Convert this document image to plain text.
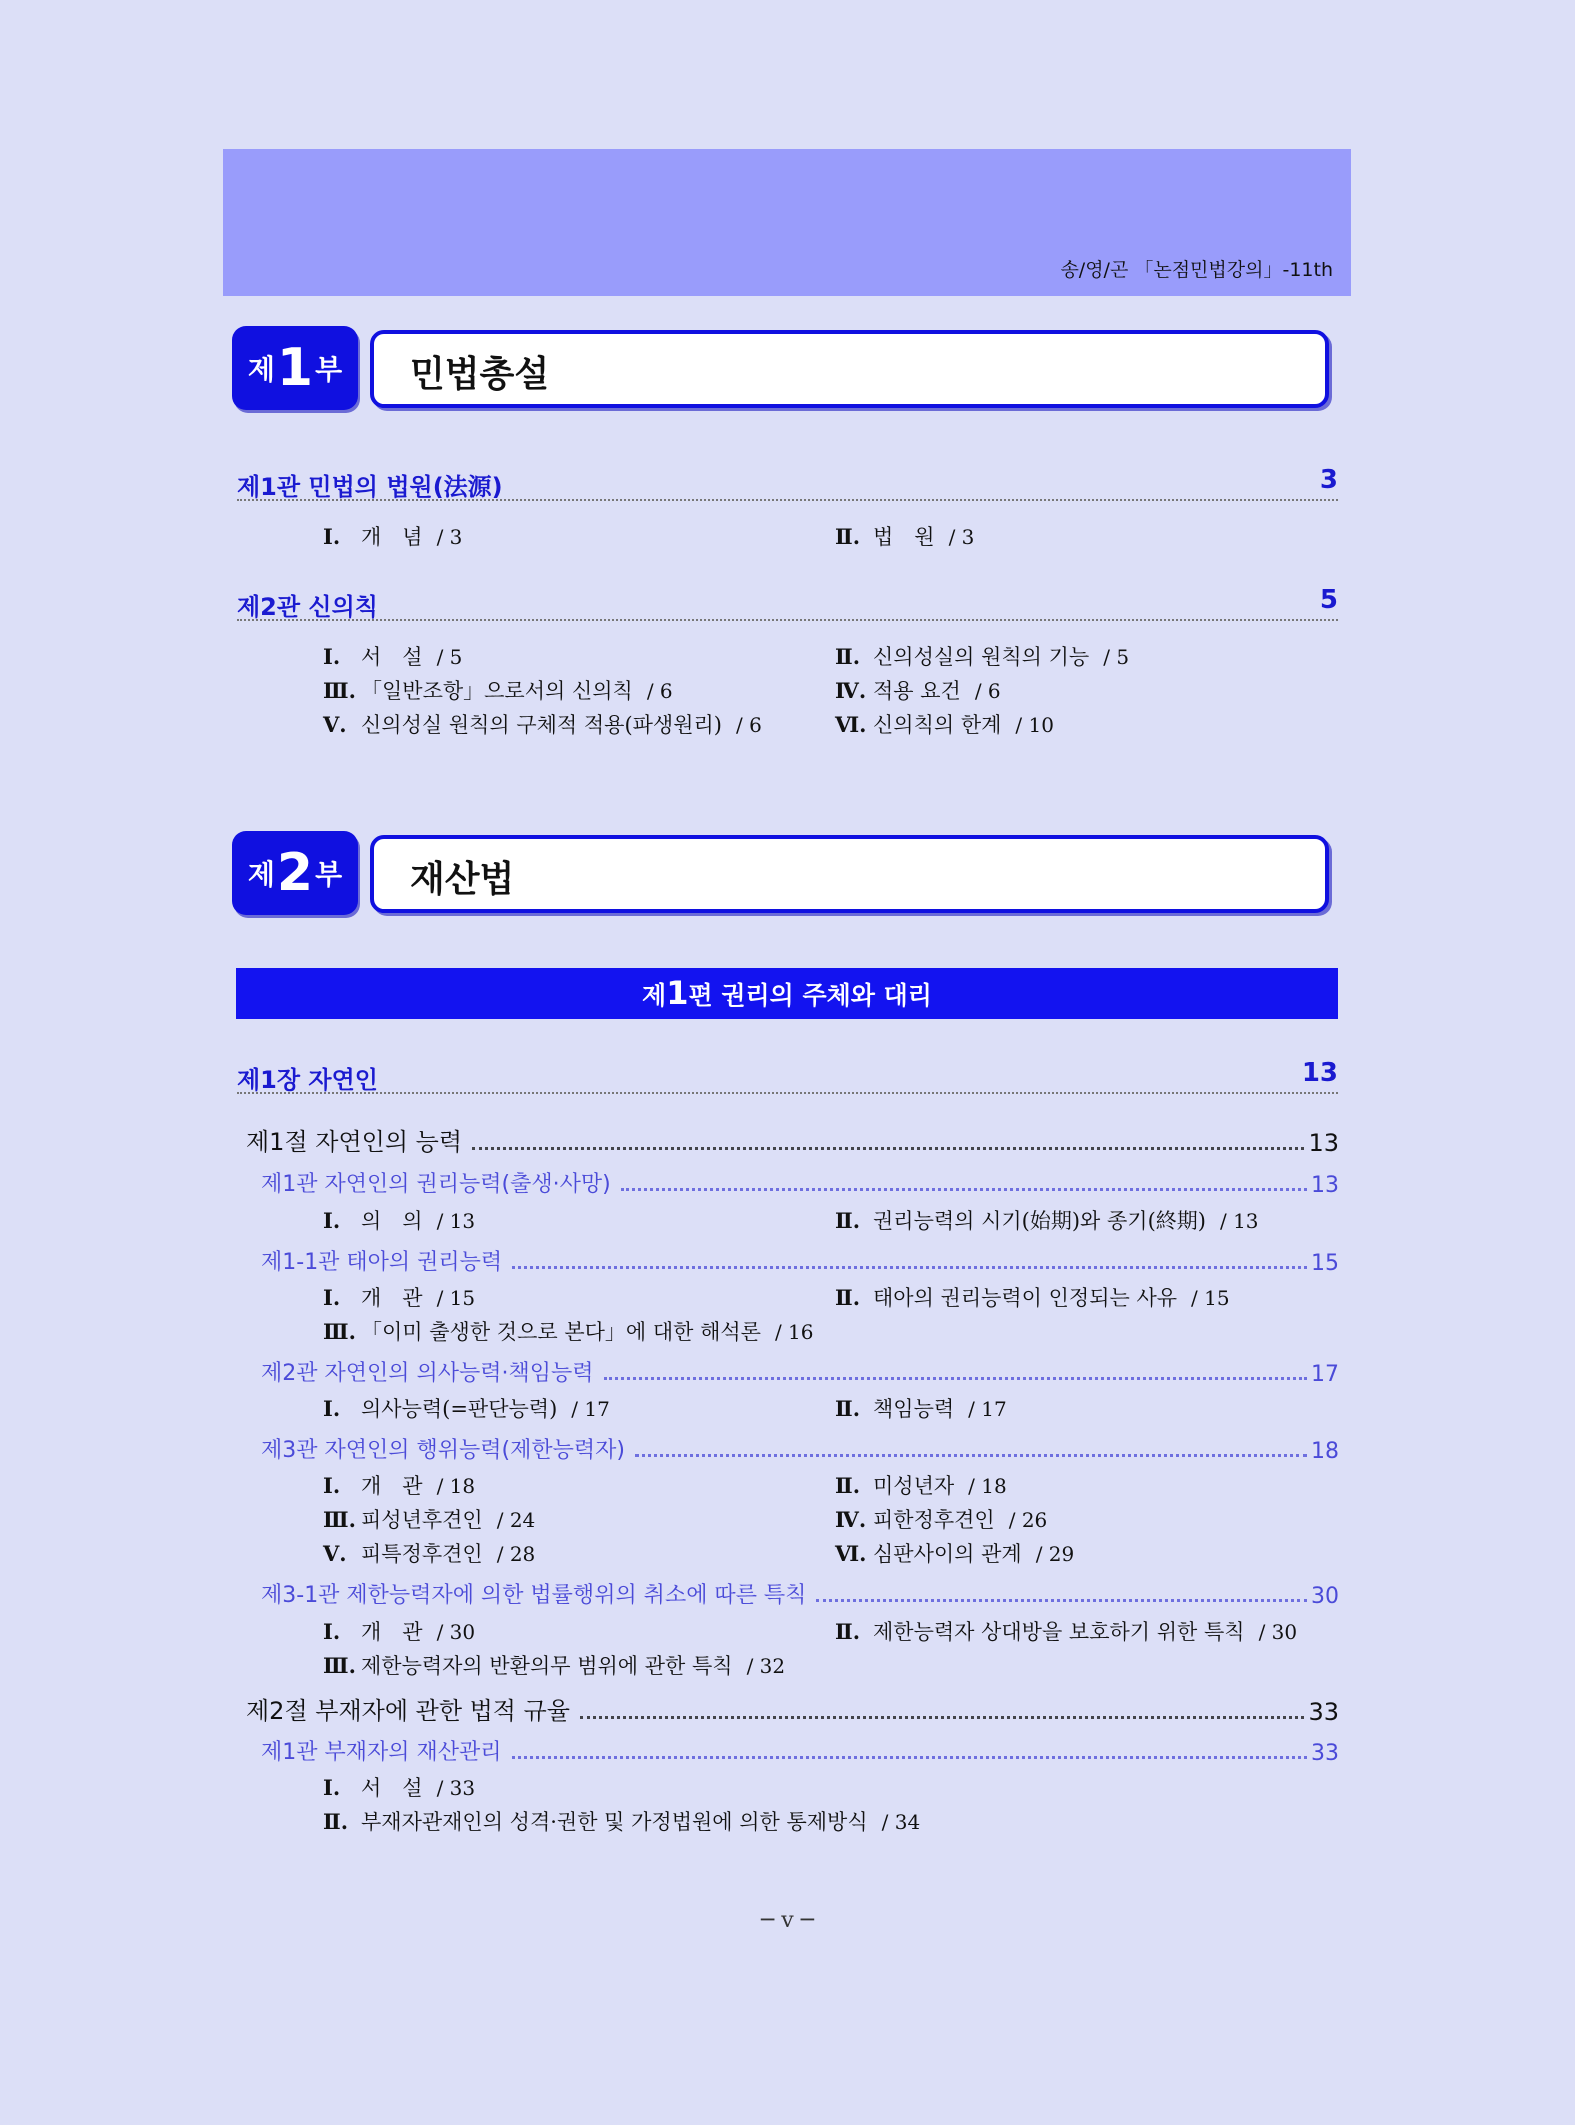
송/영/곤 「논점민법강의」-11th
제 1 부 민법총설
제1관 민법의 법원(法源)	3
Ⅰ. 개　념 / 3	Ⅱ. 법　원 / 3
제2관 신의칙	5
Ⅰ. 서　설 / 5	Ⅱ. 신의성실의 원칙의 기능 / 5
Ⅲ. 「일반조항」으로서의 신의칙 / 6	Ⅳ. 적용 요건 / 6
Ⅴ. 신의성실 원칙의 구체적 적용(파생원리) / 6	Ⅵ. 신의칙의 한계 / 10
제 2 부 재산법
제1편 권리의 주체와 대리
제1장 자연인	13
제1절 자연인의 능력	13
제1관 자연인의 권리능력(출생·사망)	13
Ⅰ. 의　의 / 13	Ⅱ. 권리능력의 시기(始期)와 종기(終期) / 13
제1-1관 태아의 권리능력	15
Ⅰ. 개　관 / 15	Ⅱ. 태아의 권리능력이 인정되는 사유 / 15
Ⅲ. 「이미 출생한 것으로 본다」에 대한 해석론 / 16
제2관 자연인의 의사능력·책임능력	17
Ⅰ. 의사능력(=판단능력) / 17	Ⅱ. 책임능력 / 17
제3관 자연인의 행위능력(제한능력자)	18
Ⅰ. 개　관 / 18	Ⅱ. 미성년자 / 18
Ⅲ. 피성년후견인 / 24	Ⅳ. 피한정후견인 / 26
Ⅴ. 피특정후견인 / 28	Ⅵ. 심판사이의 관계 / 29
제3-1관 제한능력자에 의한 법률행위의 취소에 따른 특칙	30
Ⅰ. 개　관 / 30	Ⅱ. 제한능력자 상대방을 보호하기 위한 특칙 / 30
Ⅲ. 제한능력자의 반환의무 범위에 관한 특칙 / 32
제2절 부재자에 관한 법적 규율	33
제1관 부재자의 재산관리	33
Ⅰ. 서　설 / 33
Ⅱ. 부재자관재인의 성격·권한 및 가정법원에 의한 통제방식 / 34
─ v ─
